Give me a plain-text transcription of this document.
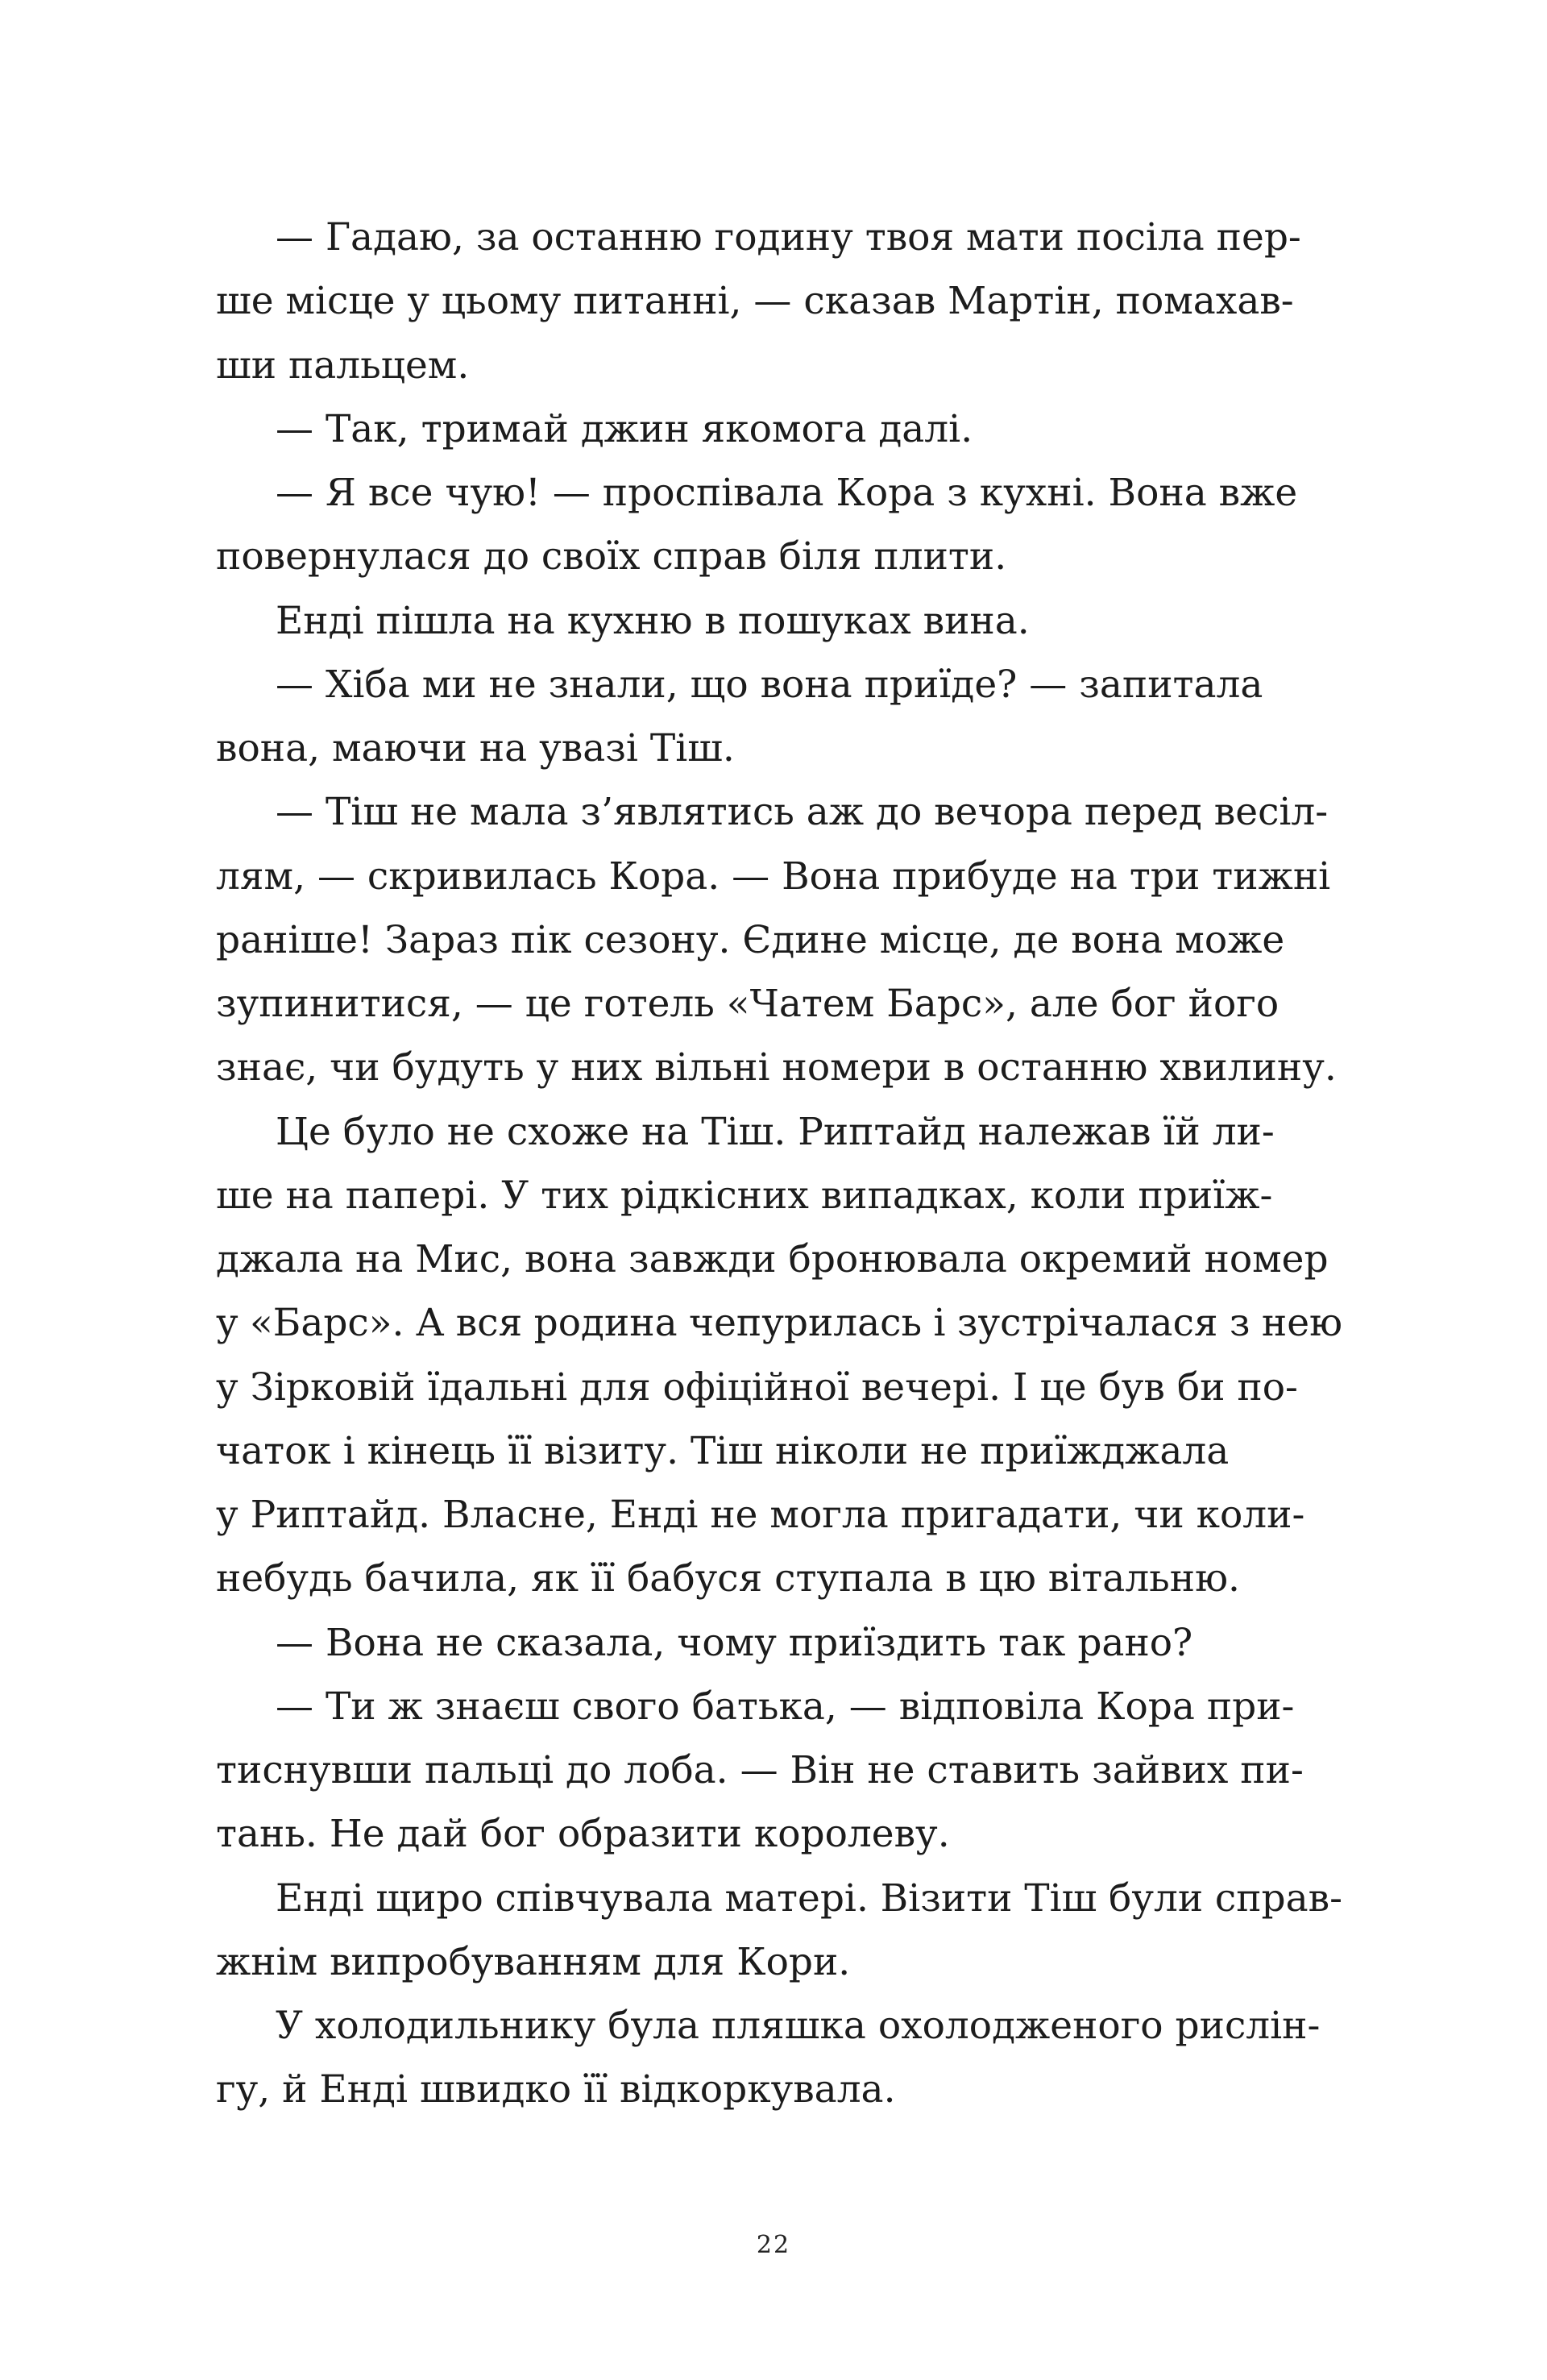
— Гадаю, за останню годину твоя мати посіла пер-
ше місце у цьому питанні, — сказав Мартін, помахав-
ши пальцем.
— Так, тримай джин якомога далі.
— Я все чую! — проспівала Кора з кухні. Вона вже
повернулася до своїх справ біля плити.
Енді пішла на кухню в пошуках вина.
— Хіба ми не знали, що вона приїде? — запитала
вона, маючи на увазі Тіш.
— Тіш не мала з’являтись аж до вечора перед весіл-
лям, — скривилась Кора. — Вона прибуде на три тижні
раніше! Зараз пік сезону. Єдине місце, де вона може
зупинитися, — це готель «Чатем Барс», але бог його
знає, чи будуть у них вільні номери в останню хвилину.
Це було не схоже на Тіш. Риптайд належав їй ли-
ше на папері. У тих рідкісних випадках, коли приїж-
джала на Мис, вона завжди бронювала окремий номер
у «Барс». А вся родина чепурилась і зустрічалася з нею
у Зірковій їдальні для офіційної вечері. І це був би по-
чаток і кінець її візиту. Тіш ніколи не приїжджала
у Риптайд. Власне, Енді не могла пригадати, чи коли-
небудь бачила, як її бабуся ступала в цю вітальню.
— Вона не сказала, чому приїздить так рано?
— Ти ж знаєш свого батька, — відповіла Кора при-
тиснувши пальці до лоба. — Він не ставить зайвих пи-
тань. Не дай бог образити королеву.
Енді щиро співчувала матері. Візити Тіш були справ-
жнім випробуванням для Кори.
У холодильнику була пляшка охолодженого рислін-
гу, й Енді швидко її відкоркувала.
22
